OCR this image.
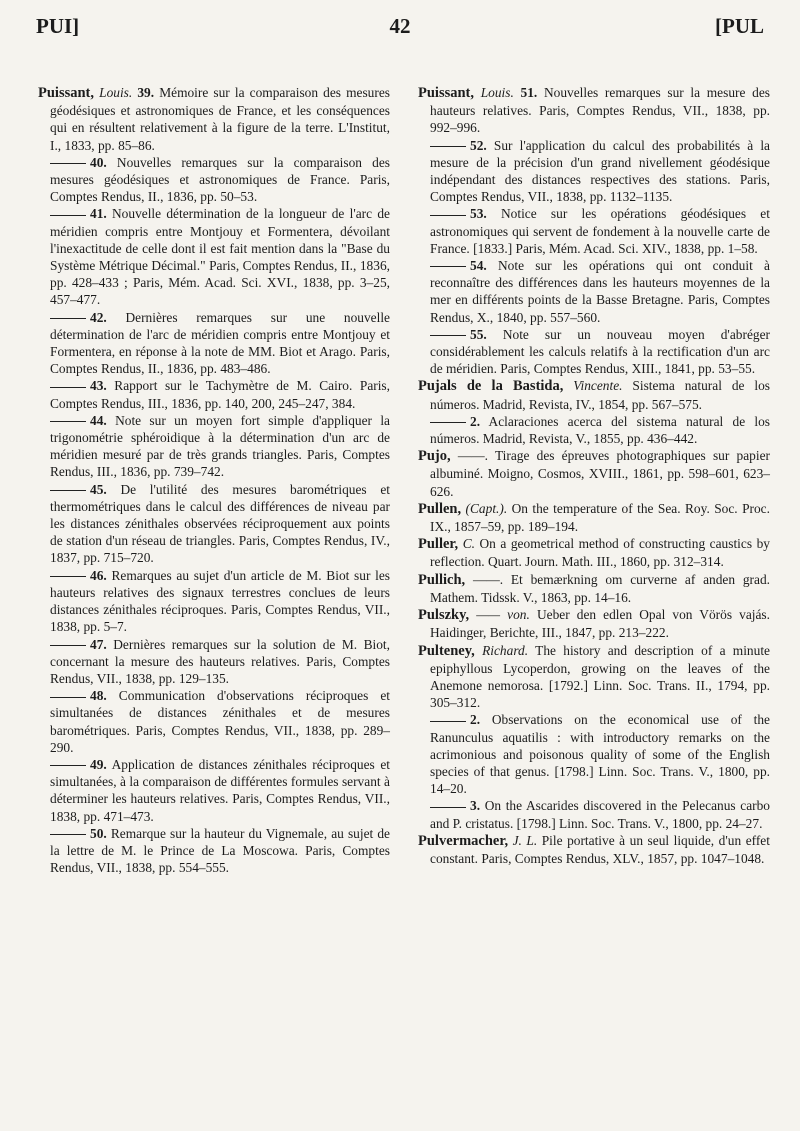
PUI]	42	[PUL
Puissant, Louis. 39. Mémoire sur la comparaison des mesures géodésiques et astronomiques de France, et les conséquences qui en résultent relativement à la figure de la terre. L'Institut, I., 1833, pp. 85–86.
40. Nouvelles remarques sur la comparaison des mesures géodésiques et astronomiques de France. Paris, Comptes Rendus, II., 1836, pp. 50–53.
41. Nouvelle détermination de la longueur de l'arc de méridien compris entre Montjouy et Formentera, dévoilant l'inexactitude de celle dont il est fait mention dans la "Base du Système Métrique Décimal." Paris, Comptes Rendus, II., 1836, pp. 428–433 ; Paris, Mém. Acad. Sci. XVI., 1838, pp. 3–25, 457–477.
42. Dernières remarques sur une nouvelle détermination de l'arc de méridien compris entre Montjouy et Formentera, en réponse à la note de MM. Biot et Arago. Paris, Comptes Rendus, II., 1836, pp. 483–486.
43. Rapport sur le Tachymètre de M. Cairo. Paris, Comptes Rendus, III., 1836, pp. 140, 200, 245–247, 384.
44. Note sur un moyen fort simple d'appliquer la trigonométrie sphéroidique à la détermination d'un arc de méridien mesuré par de très grands triangles. Paris, Comptes Rendus, III., 1836, pp. 739–742.
45. De l'utilité des mesures barométriques et thermométriques dans le calcul des différences de niveau par les distances zénithales observées réciproquement aux points de station d'un réseau de triangles. Paris, Comptes Rendus, IV., 1837, pp. 715–720.
46. Remarques au sujet d'un article de M. Biot sur les hauteurs relatives des signaux terrestres conclues de leurs distances zénithales réciproques. Paris, Comptes Rendus, VII., 1838, pp. 5–7.
47. Dernières remarques sur la solution de M. Biot, concernant la mesure des hauteurs relatives. Paris, Comptes Rendus, VII., 1838, pp. 129–135.
48. Communication d'observations réciproques et simultanées de distances zénithales et de mesures barométriques. Paris, Comptes Rendus, VII., 1838, pp. 289–290.
49. Application de distances zénithales réciproques et simultanées, à la comparaison de différentes formules servant à déterminer les hauteurs relatives. Paris, Comptes Rendus, VII., 1838, pp. 471–473.
50. Remarque sur la hauteur du Vignemale, au sujet de la lettre de M. le Prince de La Moscowa. Paris, Comptes Rendus, VII., 1838, pp. 554–555.
Puissant, Louis. 51. Nouvelles remarques sur la mesure des hauteurs relatives. Paris, Comptes Rendus, VII., 1838, pp. 992–996.
52. Sur l'application du calcul des probabilités à la mesure de la précision d'un grand nivellement géodésique indépendant des distances respectives des stations. Paris, Comptes Rendus, VII., 1838, pp. 1132–1135.
53. Notice sur les opérations géodésiques et astronomiques qui servent de fondement à la nouvelle carte de France. [1833.] Paris, Mém. Acad. Sci. XIV., 1838, pp. 1–58.
54. Note sur les opérations qui ont conduit à reconnaître des différences dans les hauteurs moyennes de la mer en différents points de la Basse Bretagne. Paris, Comptes Rendus, X., 1840, pp. 557–560.
55. Note sur un nouveau moyen d'abréger considérablement les calculs relatifs à la rectification d'un arc de méridien. Paris, Comptes Rendus, XIII., 1841, pp. 53–55.
Pujals de la Bastida, Vincente. Sistema natural de los números. Madrid, Revista, IV., 1854, pp. 567–575.
2. Aclaraciones acerca del sistema natural de los números. Madrid, Revista, V., 1855, pp. 436–442.
Pujo, ——. Tirage des épreuves photographiques sur papier albuminé. Moigno, Cosmos, XVIII., 1861, pp. 598–601, 623–626.
Pullen, (Capt.). On the temperature of the Sea. Roy. Soc. Proc. IX., 1857–59, pp. 189–194.
Puller, C. On a geometrical method of constructing caustics by reflection. Quart. Journ. Math. III., 1860, pp. 312–314.
Pullich, ——. Et bemærkning om curverne af anden grad. Mathem. Tidssk. V., 1863, pp. 14–16.
Pulszky, —— von. Ueber den edlen Opal von Vörös vajás. Haidinger, Berichte, III., 1847, pp. 213–222.
Pulteney, Richard. The history and description of a minute epiphyllous Lycoperdon, growing on the leaves of the Anemone nemorosa. [1792.] Linn. Soc. Trans. II., 1794, pp. 305–312.
2. Observations on the economical use of the Ranunculus aquatilis : with introductory remarks on the acrimonious and poisonous quality of some of the English species of that genus. [1798.] Linn. Soc. Trans. V., 1800, pp. 14–20.
3. On the Ascarides discovered in the Pelecanus carbo and P. cristatus. [1798.] Linn. Soc. Trans. V., 1800, pp. 24–27.
Pulvermacher, J. L. Pile portative à un seul liquide, d'un effet constant. Paris, Comptes Rendus, XLV., 1857, pp. 1047–1048.
